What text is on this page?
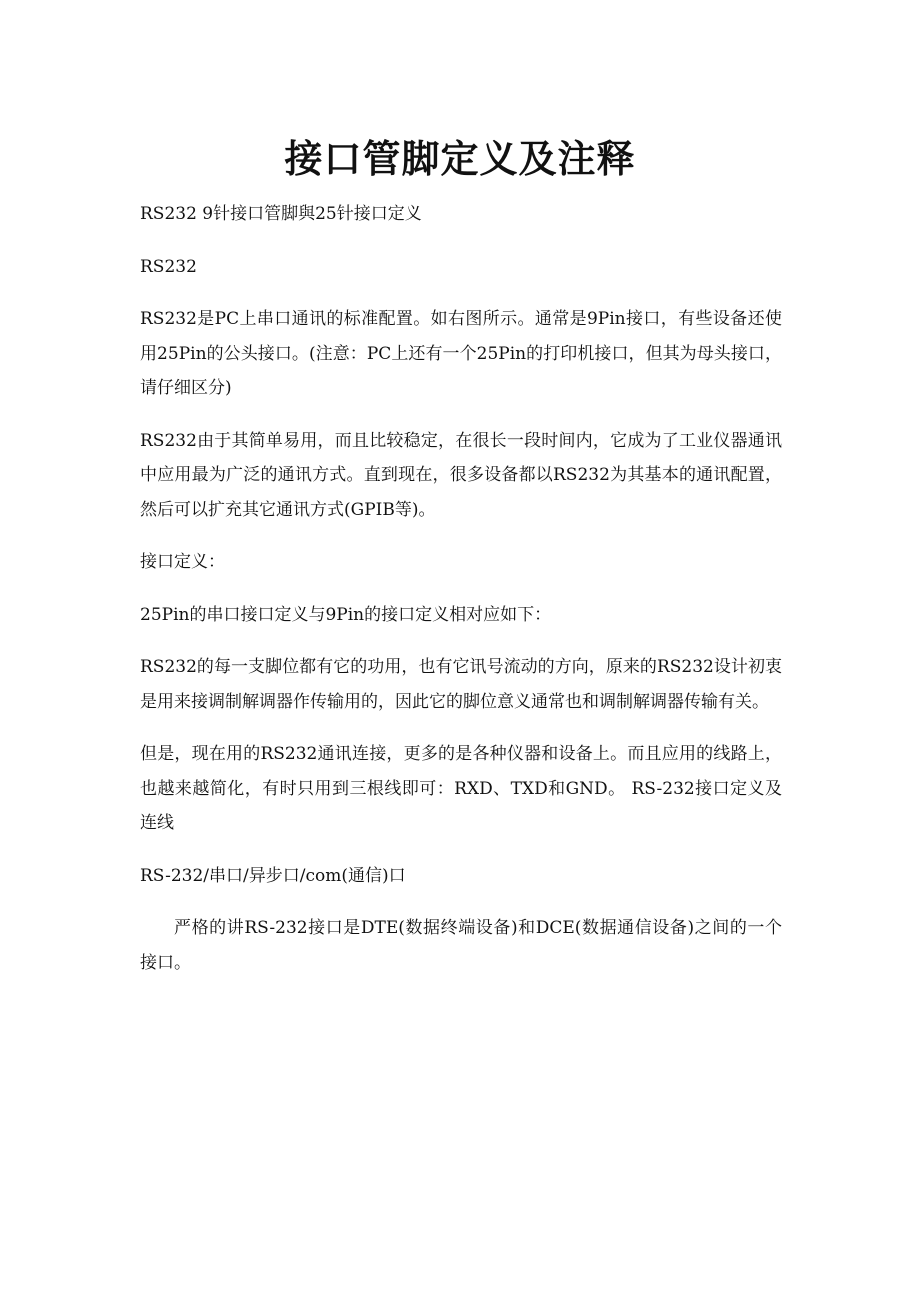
接口管脚定义及注释

RS232 9针接口管脚與25针接口定义

RS232

RS232是PC上串口通讯的标准配置。如右图所示。通常是9Pin接口，有些设备还使用25Pin的公头接口。(注意：PC上还有一个25Pin的打印机接口，但其为母头接口，请仔细区分)

RS232由于其简单易用，而且比较稳定，在很长一段时间内，它成为了工业仪器通讯中应用最为广泛的通讯方式。直到现在，很多设备都以RS232为其基本的通讯配置，然后可以扩充其它通讯方式(GPIB等)。

接口定义：

25Pin的串口接口定义与9Pin的接口定义相对应如下：

RS232的每一支脚位都有它的功用，也有它讯号流动的方向，原来的RS232设计初衷是用来接调制解调器作传输用的，因此它的脚位意义通常也和调制解调器传输有关。

但是，现在用的RS232通讯连接，更多的是各种仪器和设备上。而且应用的线路上，也越来越简化，有时只用到三根线即可：RXD、TXD和GND。 RS-232接口定义及连线

RS-232/串口/异步口/com(通信)口

严格的讲RS-232接口是DTE(数据终端设备)和DCE(数据通信设备)之间的一个接口。
